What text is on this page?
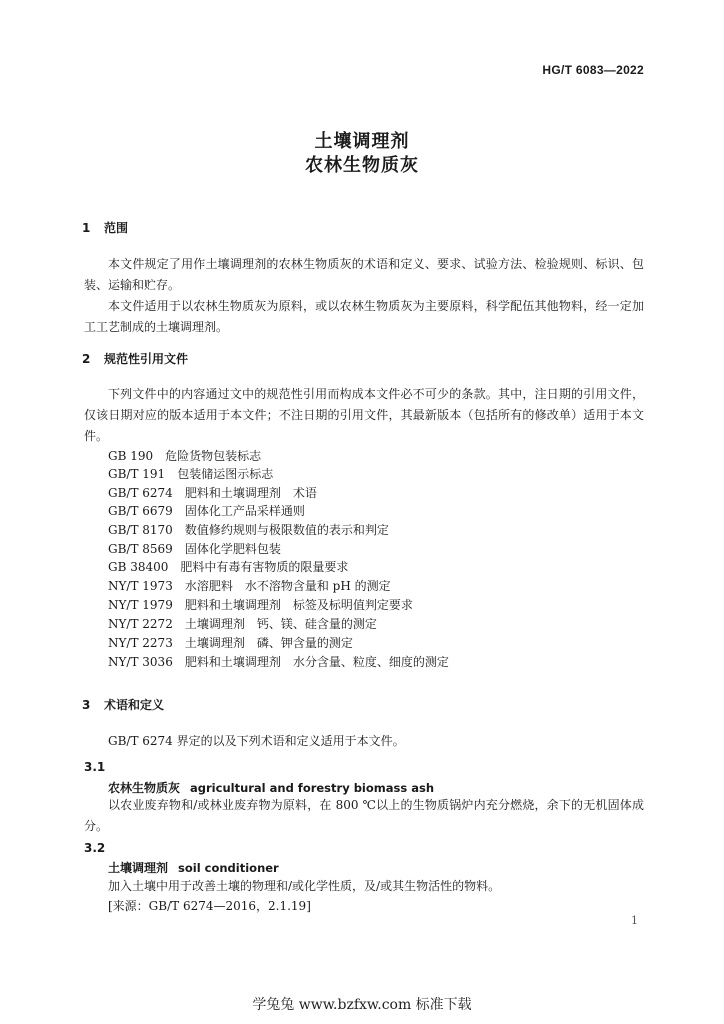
HG/T 6083—2022
土壤调理剂
农林生物质灰
1 范围

本文件规定了用作土壤调理剂的农林生物质灰的术语和定义、要求、试验方法、检验规则、标识、包装、运输和贮存。

本文件适用于以农林生物质灰为原料，或以农林生物质灰为主要原料，科学配伍其他物料，经一定加工工艺制成的土壤调理剂。

2 规范性引用文件

下列文件中的内容通过文中的规范性引用而构成本文件必不可少的条款。其中，注日期的引用文件，仅该日期对应的版本适用于本文件；不注日期的引用文件，其最新版本（包括所有的修改单）适用于本文件。

GB 190　 危险货物包装标志
GB/T 191　 包装储运图示标志
GB/T 6274　 肥料和土壤调理剂　术语
GB/T 6679　 固体化工产品采样通则
GB/T 8170　 数值修约规则与极限数值的表示和判定
GB/T 8569　 固体化学肥料包装
GB 38400　 肥料中有毒有害物质的限量要求
NY/T 1973　 水溶肥料　水不溶物含量和 pH 的测定
NY/T 1979　 肥料和土壤调理剂　标签及标明值判定要求
NY/T 2272　 土壤调理剂　钙、镁、硅含量的测定
NY/T 2273　 土壤调理剂　磷、钾含量的测定
NY/T 3036　 肥料和土壤调理剂　水分含量、粒度、细度的测定
3 术语和定义

GB/T 6274 界定的以及下列术语和定义适用于本文件。

3.1
农林生物质灰 agricultural and forestry biomass ash

以农业废弃物和/或林业废弃物为原料，在 800 ℃以上的生物质锅炉内充分燃烧，余下的无机固体成分。

3.2
土壤调理剂 soil conditioner

加入土壤中用于改善土壤的物理和/或化学性质，及/或其生物活性的物料。

[来源：GB/T 6274—2016，2.1.19]

1
学兔兔 www.bzfxw.com 标准下载
